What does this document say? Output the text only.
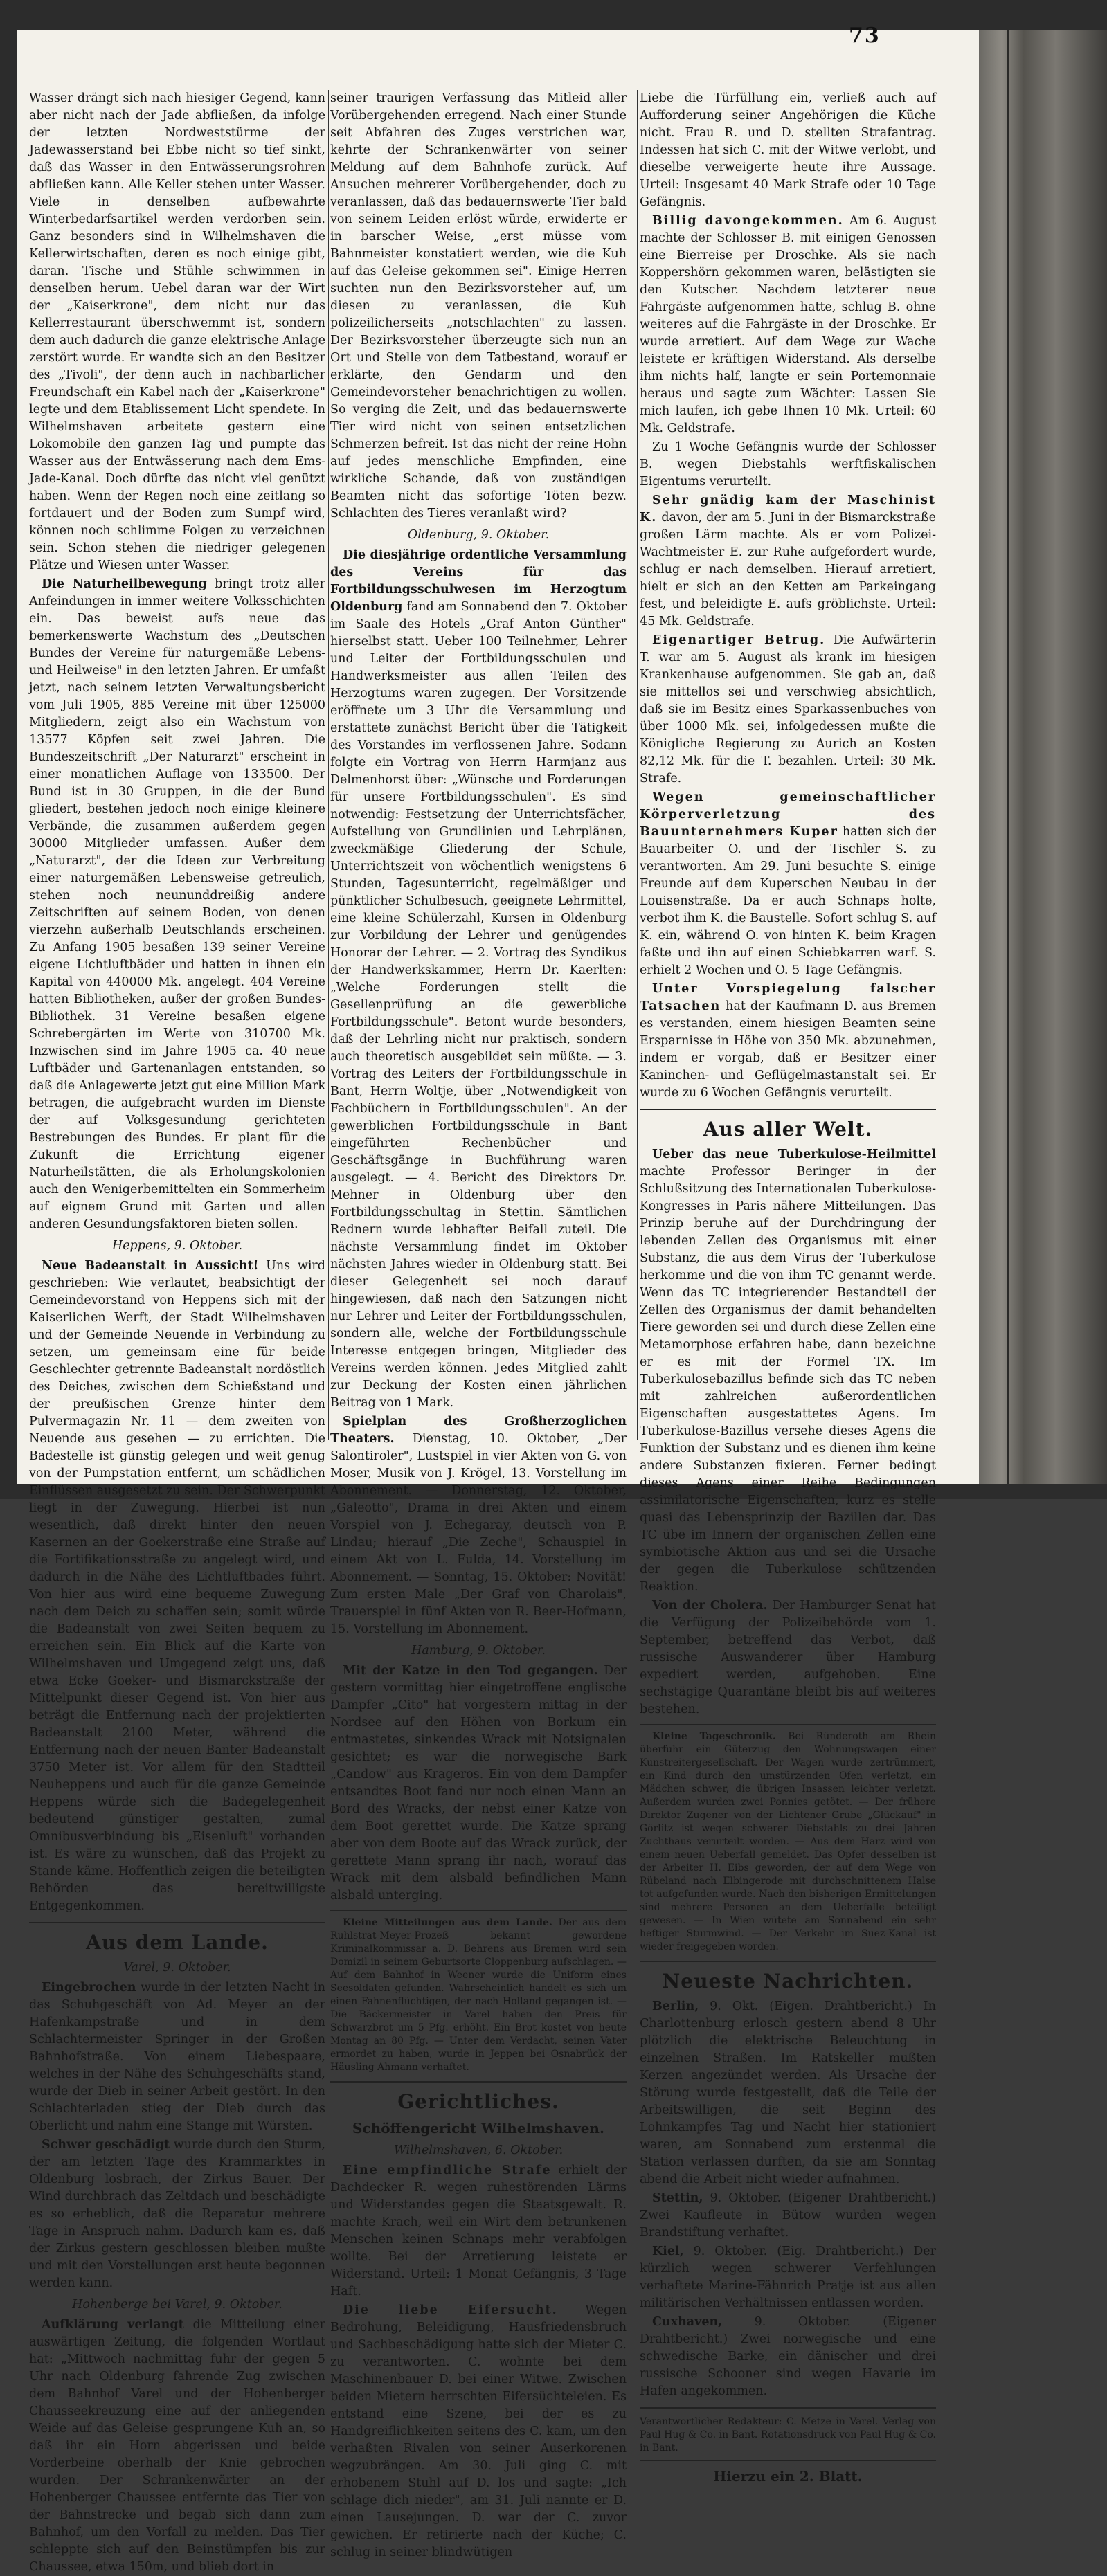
73

Wasser drängt sich nach hiesiger Gegend, kann aber nicht nach der Jade abfließen, da infolge der letzten Nordweststürme der Jadewasserstand bei Ebbe nicht so tief sinkt, daß das Wasser in den Entwässerungsrohren abfließen kann. Alle Keller stehen unter Wasser. Viele in denselben aufbewahrte Winterbedarfsartikel werden verdorben sein. Ganz besonders sind in Wilhelmshaven die Kellerwirtschaften, deren es noch einige gibt, daran. Tische und Stühle schwimmen in denselben herum. Uebel daran war der Wirt der „Kaiserkrone", dem nicht nur das Kellerrestaurant überschwemmt ist, sondern dem auch dadurch die ganze elektrische Anlage zerstört wurde. Er wandte sich an den Besitzer des „Tivoli", der denn auch in nachbarlicher Freundschaft ein Kabel nach der „Kaiserkrone" legte und dem Etablissement Licht spendete. In Wilhelmshaven arbeitete gestern eine Lokomobile den ganzen Tag und pumpte das Wasser aus der Entwässerung nach dem Ems-Jade-Kanal. Doch dürfte das nicht viel genützt haben. Wenn der Regen noch eine zeitlang so fortdauert und der Boden zum Sumpf wird, können noch schlimme Folgen zu verzeichnen sein. Schon stehen die niedriger gelegenen Plätze und Wiesen unter Wasser.

Die Naturheilbewegung bringt trotz aller Anfeindungen in immer weitere Volksschichten ein. Das beweist aufs neue das bemerkenswerte Wachstum des „Deutschen Bundes der Vereine für naturgemäße Lebens- und Heilweise" in den letzten Jahren. Er umfaßt jetzt, nach seinem letzten Verwaltungsbericht vom Juli 1905, 885 Vereine mit über 125000 Mitgliedern, zeigt also ein Wachstum von 13577 Köpfen seit zwei Jahren. Die Bundeszeitschrift „Der Naturarzt" erscheint in einer monatlichen Auflage von 133500. Der Bund ist in 30 Gruppen, in die der Bund gliedert, bestehen jedoch noch einige kleinere Verbände, die zusammen außerdem gegen 30000 Mitglieder umfassen. Außer dem „Naturarzt", der die Ideen zur Verbreitung einer naturgemäßen Lebensweise getreulich, stehen noch neununddreißig andere Zeitschriften auf seinem Boden, von denen vierzehn außerhalb Deutschlands erscheinen. Zu Anfang 1905 besaßen 139 seiner Vereine eigene Lichtluftbäder und hatten in ihnen ein Kapital von 440000 Mk. angelegt. 404 Vereine hatten Bibliotheken, außer der großen Bundes-Bibliothek. 31 Vereine besaßen eigene Schrebergärten im Werte von 310700 Mk. Inzwischen sind im Jahre 1905 ca. 40 neue Luftbäder und Gartenanlagen entstanden, so daß die Anlagewerte jetzt gut eine Million Mark betragen, die aufgebracht wurden im Dienste der auf Volksgesundung gerichteten Bestrebungen des Bundes. Er plant für die Zukunft die Errichtung eigener Naturheilstätten, die als Erholungskolonien auch den Wenigerbemittelten ein Sommerheim auf eignem Grund mit Garten und allen anderen Gesundungsfaktoren bieten sollen.

Heppens, 9. Oktober.

Neue Badeanstalt in Aussicht! Uns wird geschrieben: Wie verlautet, beabsichtigt der Gemeindevorstand von Heppens sich mit der Kaiserlichen Werft, der Stadt Wilhelmshaven und der Gemeinde Neuende in Verbindung zu setzen, um gemeinsam eine für beide Geschlechter getrennte Badeanstalt nordöstlich des Deiches, zwischen dem Schießstand und der preußischen Grenze hinter dem Pulvermagazin Nr. 11 — dem zweiten von Neuende aus gesehen — zu errichten. Die Badestelle ist günstig gelegen und weit genug von der Pumpstation entfernt, um schädlichen Einflüssen ausgesetzt zu sein. Der Schwerpunkt liegt in der Zuwegung. Hierbei ist nun wesentlich, daß direkt hinter den neuen Kasernen an der Goekerstraße eine Straße auf die Fortifikationsstraße zu angelegt wird, und dadurch in die Nähe des Lichtluftbades führt. Von hier aus wird eine bequeme Zuwegung nach dem Deich zu schaffen sein; somit würde die Badeanstalt von zwei Seiten bequem zu erreichen sein. Ein Blick auf die Karte von Wilhelmshaven und Umgegend zeigt uns, daß etwa Ecke Goeker- und Bismarckstraße der Mittelpunkt dieser Gegend ist. Von hier aus beträgt die Entfernung nach der projektierten Badeanstalt 2100 Meter, während die Entfernung nach der neuen Banter Badeanstalt 3750 Meter ist. Vor allem für den Stadtteil Neuheppens und auch für die ganze Gemeinde Heppens würde sich die Badegelegenheit bedeutend günstiger gestalten, zumal Omnibusverbindung bis „Eisenluft" vorhanden ist. Es wäre zu wünschen, daß das Projekt zu Stande käme. Hoffentlich zeigen die beteiligten Behörden das bereitwilligste Entgegenkommen.

Aus dem Lande.

Varel, 9. Oktober.

Eingebrochen wurde in der letzten Nacht in das Schuhgeschäft von Ad. Meyer an der Hafenkampstraße und in dem Schlachtermeister Springer in der Großen Bahnhofstraße. Von einem Liebespaare, welches in der Nähe des Schuhgeschäfts stand, wurde der Dieb in seiner Arbeit gestört. In den Schlachterladen stieg der Dieb durch das Oberlicht und nahm eine Stange mit Würsten.

Schwer geschädigt wurde durch den Sturm, der am letzten Tage des Krammarktes in Oldenburg losbrach, der Zirkus Bauer. Der Wind durchbrach das Zeltdach und beschädigte es so erheblich, daß die Reparatur mehrere Tage in Anspruch nahm. Dadurch kam es, daß der Zirkus gestern geschlossen bleiben mußte und mit den Vorstellungen erst heute begonnen werden kann.

Hohenberge bei Varel, 9. Oktober.

Aufklärung verlangt die Mitteilung einer auswärtigen Zeitung, die folgenden Wortlaut hat: „Mittwoch nachmittag fuhr der gegen 5 Uhr nach Oldenburg fahrende Zug zwischen dem Bahnhof Varel und der Hohenberger Chausseekreuzung eine auf der anliegenden Weide auf das Geleise gesprungene Kuh an, so daß ihr ein Horn abgerissen und beide Vorderbeine oberhalb der Knie gebrochen wurden. Der Schrankenwärter an der Hohenberger Chaussee entfernte das Tier von der Bahnstrecke und begab sich dann zum Bahnhof, um den Vorfall zu melden. Das Tier schleppte sich auf den Beinstümpfen bis zur Chaussee, etwa 150m, und blieb dort in

seiner traurigen Verfassung das Mitleid aller Vorübergehenden erregend. Nach einer Stunde seit Abfahren des Zuges verstrichen war, kehrte der Schrankenwärter von seiner Meldung auf dem Bahnhofe zurück. Auf Ansuchen mehrerer Vorübergehender, doch zu veranlassen, daß das bedauernswerte Tier bald von seinem Leiden erlöst würde, erwiderte er in barscher Weise, „erst müsse vom Bahnmeister konstatiert werden, wie die Kuh auf das Geleise gekommen sei". Einige Herren suchten nun den Bezirksvorsteher auf, um diesen zu veranlassen, die Kuh polizeilicherseits „notschlachten" zu lassen. Der Bezirksvorsteher überzeugte sich nun an Ort und Stelle von dem Tatbestand, worauf er erklärte, den Gendarm und den Gemeindevorsteher benachrichtigen zu wollen. So verging die Zeit, und das bedauernswerte Tier wird nicht von seinen entsetzlichen Schmerzen befreit. Ist das nicht der reine Hohn auf jedes menschliche Empfinden, eine wirkliche Schande, daß von zuständigen Beamten nicht das sofortige Töten bezw. Schlachten des Tieres veranlaßt wird?

Oldenburg, 9. Oktober.

Die diesjährige ordentliche Versammlung des Vereins für das Fortbildungsschulwesen im Herzogtum Oldenburg fand am Sonnabend den 7. Oktober im Saale des Hotels „Graf Anton Günther" hierselbst statt. Ueber 100 Teilnehmer, Lehrer und Leiter der Fortbildungsschulen und Handwerksmeister aus allen Teilen des Herzogtums waren zugegen. Der Vorsitzende eröffnete um 3 Uhr die Versammlung und erstattete zunächst Bericht über die Tätigkeit des Vorstandes im verflossenen Jahre. Sodann folgte ein Vortrag von Herrn Harmjanz aus Delmenhorst über: „Wünsche und Forderungen für unsere Fortbildungsschulen". Es sind notwendig: Festsetzung der Unterrichtsfächer, Aufstellung von Grundlinien und Lehrplänen, zweckmäßige Gliederung der Schule, Unterrichtszeit von wöchentlich wenigstens 6 Stunden, Tagesunterricht, regelmäßiger und pünktlicher Schulbesuch, geeignete Lehrmittel, eine kleine Schülerzahl, Kursen in Oldenburg zur Vorbildung der Lehrer und genügendes Honorar der Lehrer. — 2. Vortrag des Syndikus der Handwerkskammer, Herrn Dr. Kaerlten: „Welche Forderungen stellt die Gesellenprüfung an die gewerbliche Fortbildungsschule". Betont wurde besonders, daß der Lehrling nicht nur praktisch, sondern auch theoretisch ausgebildet sein müßte. — 3. Vortrag des Leiters der Fortbildungsschule in Bant, Herrn Woltje, über „Notwendigkeit von Fachbüchern in Fortbildungsschulen". An der gewerblichen Fortbildungsschule in Bant eingeführten Rechenbücher und Geschäftsgänge in Buchführung waren ausgelegt. — 4. Bericht des Direktors Dr. Mehner in Oldenburg über den Fortbildungsschultag in Stettin. Sämtlichen Rednern wurde lebhafter Beifall zuteil. Die nächste Versammlung findet im Oktober nächsten Jahres wieder in Oldenburg statt. Bei dieser Gelegenheit sei noch darauf hingewiesen, daß nach den Satzungen nicht nur Lehrer und Leiter der Fortbildungsschulen, sondern alle, welche der Fortbildungsschule Interesse entgegen bringen, Mitglieder des Vereins werden können. Jedes Mitglied zahlt zur Deckung der Kosten einen jährlichen Beitrag von 1 Mark.

Spielplan des Großherzoglichen Theaters. Dienstag, 10. Oktober, „Der Salontiroler", Lustspiel in vier Akten von G. von Moser, Musik von J. Krögel, 13. Vorstellung im Abonnement. — Donnerstag, 12. Oktober, „Galeotto", Drama in drei Akten und einem Vorspiel von J. Echegaray, deutsch von P. Lindau; hierauf „Die Zeche", Schauspiel in einem Akt von L. Fulda, 14. Vorstellung im Abonnement. — Sonntag, 15. Oktober: Novität! Zum ersten Male „Der Graf von Charolais", Trauerspiel in fünf Akten von R. Beer-Hofmann, 15. Vorstellung im Abonnement.

Hamburg, 9. Oktober.

Mit der Katze in den Tod gegangen. Der gestern vormittag hier eingetroffene englische Dampfer „Cito" hat vorgestern mittag in der Nordsee auf den Höhen von Borkum ein entmastetes, sinkendes Wrack mit Notsignalen gesichtet; es war die norwegische Bark „Candow" aus Krageros. Ein von dem Dampfer entsandtes Boot fand nur noch einen Mann an Bord des Wracks, der nebst einer Katze von dem Boot gerettet wurde. Die Katze sprang aber von dem Boote auf das Wrack zurück, der gerettete Mann sprang ihr nach, worauf das Wrack mit dem alsbald befindlichen Mann alsbald unterging.

Kleine Mitteilungen aus dem Lande. Der aus dem Ruhlstrat-Meyer-Prozeß bekannt gewordene Kriminalkommissar a. D. Behrens aus Bremen wird sein Domizil in seinem Geburtsorte Cloppenburg aufschlagen. — Auf dem Bahnhof in Weener wurde die Uniform eines Seesoldaten gefunden. Wahrscheinlich handelt es sich um einen Fahnenflüchtigen, der nach Holland gegangen ist. — Die Bäckermeister in Varel haben den Preis für Schwarzbrot um 5 Pfg. erhöht. Ein Brot kostet von heute Montag an 80 Pfg. — Unter dem Verdacht, seinen Vater ermordet zu haben, wurde in Jeppen bei Osnabrück der Häusling Ahmann verhaftet.

Gerichtliches.

Schöffengericht Wilhelmshaven.

Wilhelmshaven, 6. Oktober.

Eine empfindliche Strafe erhielt der Dachdecker R. wegen ruhestörenden Lärms und Widerstandes gegen die Staatsgewalt. R. machte Krach, weil ein Wirt dem betrunkenen Menschen keinen Schnaps mehr verabfolgen wollte. Bei der Arretierung leistete er Widerstand. Urteil: 1 Monat Gefängnis, 3 Tage Haft.

Die liebe Eifersucht. Wegen Bedrohung, Beleidigung, Hausfriedensbruch und Sachbeschädigung hatte sich der Mieter C. zu verantworten. C. wohnte bei dem Maschinenbauer D. bei einer Witwe. Zwischen beiden Mietern herrschten Eifersüchteleien. Es entstand eine Szene, bei der es zu Handgreiflichkeiten seitens des C. kam, um den verhaßten Rivalen von seiner Auserkorenen wegzubrängen. Am 30. Juli ging C. mit erhobenem Stuhl auf D. los und sagte: „Ich schlage dich nieder", am 31. Juli nannte er D. einen Lausejungen. D. war der C. zuvor gewichen. Er retirierte nach der Küche; C. schlug in seiner blindwütigen

Liebe die Türfüllung ein, verließ auch auf Aufforderung seiner Angehörigen die Küche nicht. Frau R. und D. stellten Strafantrag. Indessen hat sich C. mit der Witwe verlobt, und dieselbe verweigerte heute ihre Aussage. Urteil: Insgesamt 40 Mark Strafe oder 10 Tage Gefängnis.

Billig davongekommen. Am 6. August machte der Schlosser B. mit einigen Genossen eine Bierreise per Droschke. Als sie nach Koppershörn gekommen waren, belästigten sie den Kutscher. Nachdem letzterer neue Fahrgäste aufgenommen hatte, schlug B. ohne weiteres auf die Fahrgäste in der Droschke. Er wurde arretiert. Auf dem Wege zur Wache leistete er kräftigen Widerstand. Als derselbe ihm nichts half, langte er sein Portemonnaie heraus und sagte zum Wächter: Lassen Sie mich laufen, ich gebe Ihnen 10 Mk. Urteil: 60 Mk. Geldstrafe.

Zu 1 Woche Gefängnis wurde der Schlosser B. wegen Diebstahls werftfiskalischen Eigentums verurteilt.

Sehr gnädig kam der Maschinist K. davon, der am 5. Juni in der Bismarckstraße großen Lärm machte. Als er vom Polizei-Wachtmeister E. zur Ruhe aufgefordert wurde, schlug er nach demselben. Hierauf arretiert, hielt er sich an den Ketten am Parkeingang fest, und beleidigte E. aufs gröblichste. Urteil: 45 Mk. Geldstrafe.

Eigenartiger Betrug. Die Aufwärterin T. war am 5. August als krank im hiesigen Krankenhause aufgenommen. Sie gab an, daß sie mittellos sei und verschwieg absichtlich, daß sie im Besitz eines Sparkassenbuches von über 1000 Mk. sei, infolgedessen mußte die Königliche Regierung zu Aurich an Kosten 82,12 Mk. für die T. bezahlen. Urteil: 30 Mk. Strafe.

Wegen gemeinschaftlicher Körperverletzung des Bauunternehmers Kuper hatten sich der Bauarbeiter O. und der Tischler S. zu verantworten. Am 29. Juni besuchte S. einige Freunde auf dem Kuperschen Neubau in der Louisenstraße. Da er auch Schnaps holte, verbot ihm K. die Baustelle. Sofort schlug S. auf K. ein, während O. von hinten K. beim Kragen faßte und ihn auf einen Schiebkarren warf. S. erhielt 2 Wochen und O. 5 Tage Gefängnis.

Unter Vorspiegelung falscher Tatsachen hat der Kaufmann D. aus Bremen es verstanden, einem hiesigen Beamten seine Ersparnisse in Höhe von 350 Mk. abzunehmen, indem er vorgab, daß er Besitzer einer Kaninchen- und Geflügelmastanstalt sei. Er wurde zu 6 Wochen Gefängnis verurteilt.

Aus aller Welt.

Ueber das neue Tuberkulose-Heilmittel machte Professor Beringer in der Schlußsitzung des Internationalen Tuberkulose-Kongresses in Paris nähere Mitteilungen. Das Prinzip beruhe auf der Durchdringung der lebenden Zellen des Organismus mit einer Substanz, die aus dem Virus der Tuberkulose herkomme und die von ihm TC genannt werde. Wenn das TC integrierender Bestandteil der Zellen des Organismus der damit behandelten Tiere geworden sei und durch diese Zellen eine Metamorphose erfahren habe, dann bezeichne er es mit der Formel TX. Im Tuberkulosebazillus befinde sich das TC neben mit zahlreichen außerordentlichen Eigenschaften ausgestattetes Agens. Im Tuberkulose-Bazillus versehe dieses Agens die Funktion der Substanz und es dienen ihm keine andere Substanzen fixieren. Ferner bedingt dieses Agens einer Reihe Bedingungen assimilatorische Eigenschaften, kurz es stelle quasi das Lebensprinzip der Bazillen dar. Das TC übe im Innern der organischen Zellen eine symbiotische Aktion aus und sei die Ursache der gegen die Tuberkulose schützenden Reaktion.

Von der Cholera. Der Hamburger Senat hat die Verfügung der Polizeibehörde vom 1. September, betreffend das Verbot, daß russische Auswanderer über Hamburg expediert werden, aufgehoben. Eine sechstägige Quarantäne bleibt bis auf weiteres bestehen.

Kleine Tageschronik. Bei Ründeroth am Rhein überfuhr ein Güterzug den Wohnungswagen einer Kunstreitergesellschaft. Der Wagen wurde zertrümmert, ein Kind durch den umstürzenden Ofen verletzt, ein Mädchen schwer, die übrigen Insassen leichter verletzt. Außerdem wurden zwei Ponnies getötet. — Der frühere Direktor Zugener von der Lichtener Grube „Glückauf" in Görlitz ist wegen schwerer Diebstahls zu drei Jahren Zuchthaus verurteilt worden. — Aus dem Harz wird von einem neuen Ueberfall gemeldet. Das Opfer desselben ist der Arbeiter H. Eibs geworden, der auf dem Wege von Rübeland nach Elbingerode mit durchschnittenem Halse tot aufgefunden wurde. Nach den bisherigen Ermittelungen sind mehrere Personen an dem Ueberfalle beteiligt gewesen. — In Wien wütete am Sonnabend ein sehr heftiger Sturmwind. — Der Verkehr im Suez-Kanal ist wieder freigegeben worden.

Neueste Nachrichten.

Berlin, 9. Okt. (Eigen. Drahtbericht.) In Charlottenburg erlosch gestern abend 8 Uhr plötzlich die elektrische Beleuchtung in einzelnen Straßen. Im Ratskeller mußten Kerzen angezündet werden. Als Ursache der Störung wurde festgestellt, daß die Teile der Arbeitswilligen, die seit Beginn des Lohnkampfes Tag und Nacht hier stationiert waren, am Sonnabend zum erstenmal die Station verlassen durften, da sie am Sonntag abend die Arbeit nicht wieder aufnahmen.

Stettin, 9. Oktober. (Eigener Drahtbericht.) Zwei Kaufleute in Bütow wurden wegen Brandstiftung verhaftet.

Kiel, 9. Oktober. (Eig. Drahtbericht.) Der kürzlich wegen schwerer Verfehlungen verhaftete Marine-Fähnrich Pratje ist aus allen militärischen Verhältnissen entlassen worden.

Cuxhaven, 9. Oktober. (Eigener Drahtbericht.) Zwei norwegische und eine schwedische Barke, ein dänischer und drei russische Schooner sind wegen Havarie im Hafen angekommen.

Verantwortlicher Redakteur: C. Metze in Varel. Verlag von Paul Hug & Co. in Bant. Rotationsdruck von Paul Hug & Co. in Bant.

Hierzu ein 2. Blatt.
